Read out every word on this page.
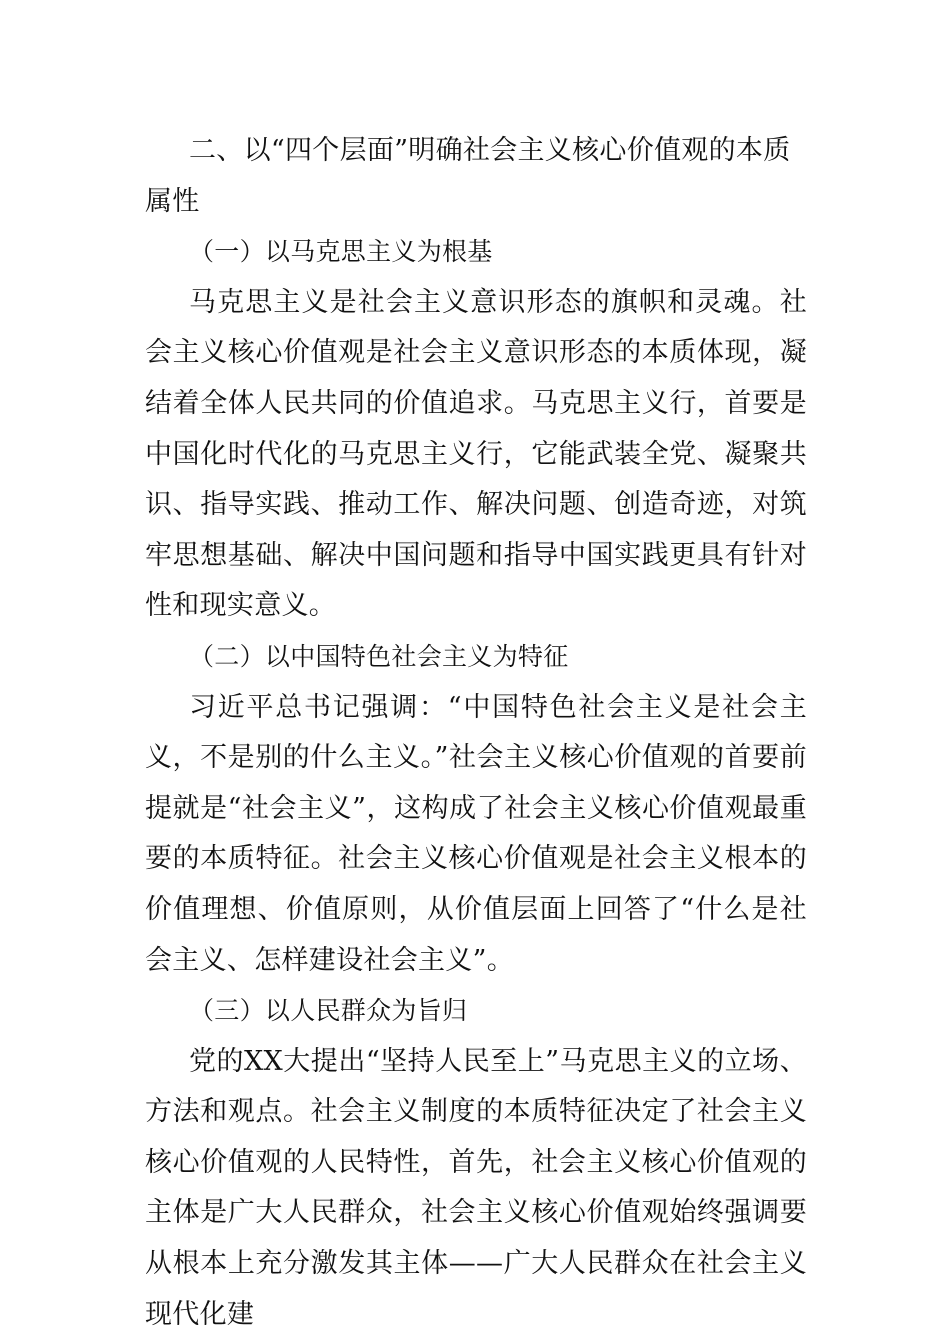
二、以“四个层面”明确社会主义核心价值观的本质属性

（一）以马克思主义为根基

马克思主义是社会主义意识形态的旗帜和灵魂。社会主义核心价值观是社会主义意识形态的本质体现，凝结着全体人民共同的价值追求。马克思主义行，首要是中国化时代化的马克思主义行，它能武装全党、凝聚共识、指导实践、推动工作、解决问题、创造奇迹，对筑牢思想基础、解决中国问题和指导中国实践更具有针对性和现实意义。

（二）以中国特色社会主义为特征

习近平总书记强调：“中国特色社会主义是社会主义，不是别的什么主义。”社会主义核心价值观的首要前提就是“社会主义”，这构成了社会主义核心价值观最重要的本质特征。社会主义核心价值观是社会主义根本的价值理想、价值原则，从价值层面上回答了“什么是社会主义、怎样建设社会主义”。

（三）以人民群众为旨归

党的XX大提出“坚持人民至上”马克思主义的立场、方法和观点。社会主义制度的本质特征决定了社会主义核心价值观的人民特性，首先，社会主义核心价值观的主体是广大人民群众，社会主义核心价值观始终强调要从根本上充分激发其主体——广大人民群众在社会主义现代化建
